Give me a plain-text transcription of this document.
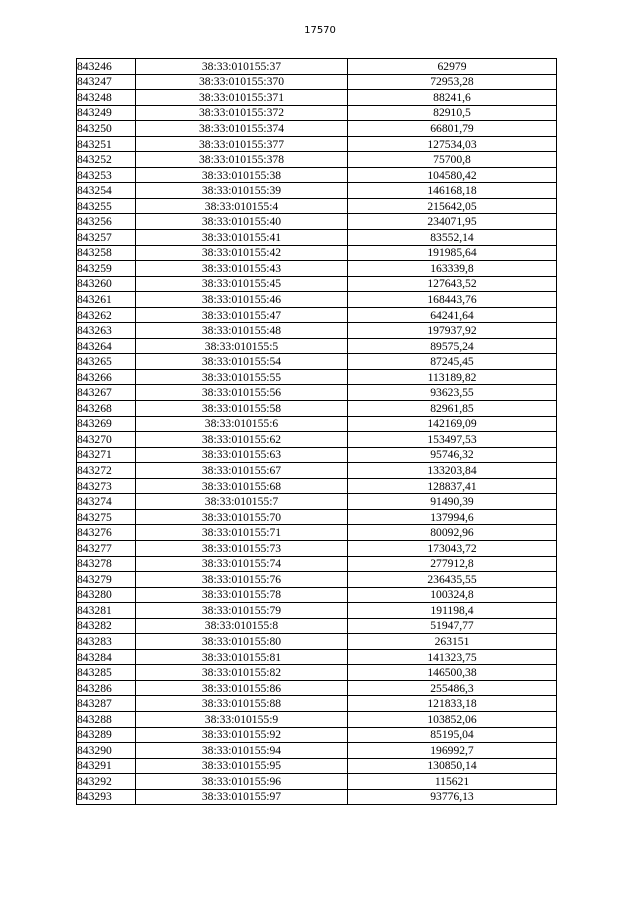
17570
843246	38:33:010155:37	62979
843247	38:33:010155:370	72953,28
843248	38:33:010155:371	88241,6
843249	38:33:010155:372	82910,5
843250	38:33:010155:374	66801,79
843251	38:33:010155:377	127534,03
843252	38:33:010155:378	75700,8
843253	38:33:010155:38	104580,42
843254	38:33:010155:39	146168,18
843255	38:33:010155:4	215642,05
843256	38:33:010155:40	234071,95
843257	38:33:010155:41	83552,14
843258	38:33:010155:42	191985,64
843259	38:33:010155:43	163339,8
843260	38:33:010155:45	127643,52
843261	38:33:010155:46	168443,76
843262	38:33:010155:47	64241,64
843263	38:33:010155:48	197937,92
843264	38:33:010155:5	89575,24
843265	38:33:010155:54	87245,45
843266	38:33:010155:55	113189,82
843267	38:33:010155:56	93623,55
843268	38:33:010155:58	82961,85
843269	38:33:010155:6	142169,09
843270	38:33:010155:62	153497,53
843271	38:33:010155:63	95746,32
843272	38:33:010155:67	133203,84
843273	38:33:010155:68	128837,41
843274	38:33:010155:7	91490,39
843275	38:33:010155:70	137994,6
843276	38:33:010155:71	80092,96
843277	38:33:010155:73	173043,72
843278	38:33:010155:74	277912,8
843279	38:33:010155:76	236435,55
843280	38:33:010155:78	100324,8
843281	38:33:010155:79	191198,4
843282	38:33:010155:8	51947,77
843283	38:33:010155:80	263151
843284	38:33:010155:81	141323,75
843285	38:33:010155:82	146500,38
843286	38:33:010155:86	255486,3
843287	38:33:010155:88	121833,18
843288	38:33:010155:9	103852,06
843289	38:33:010155:92	85195,04
843290	38:33:010155:94	196992,7
843291	38:33:010155:95	130850,14
843292	38:33:010155:96	115621
843293	38:33:010155:97	93776,13
